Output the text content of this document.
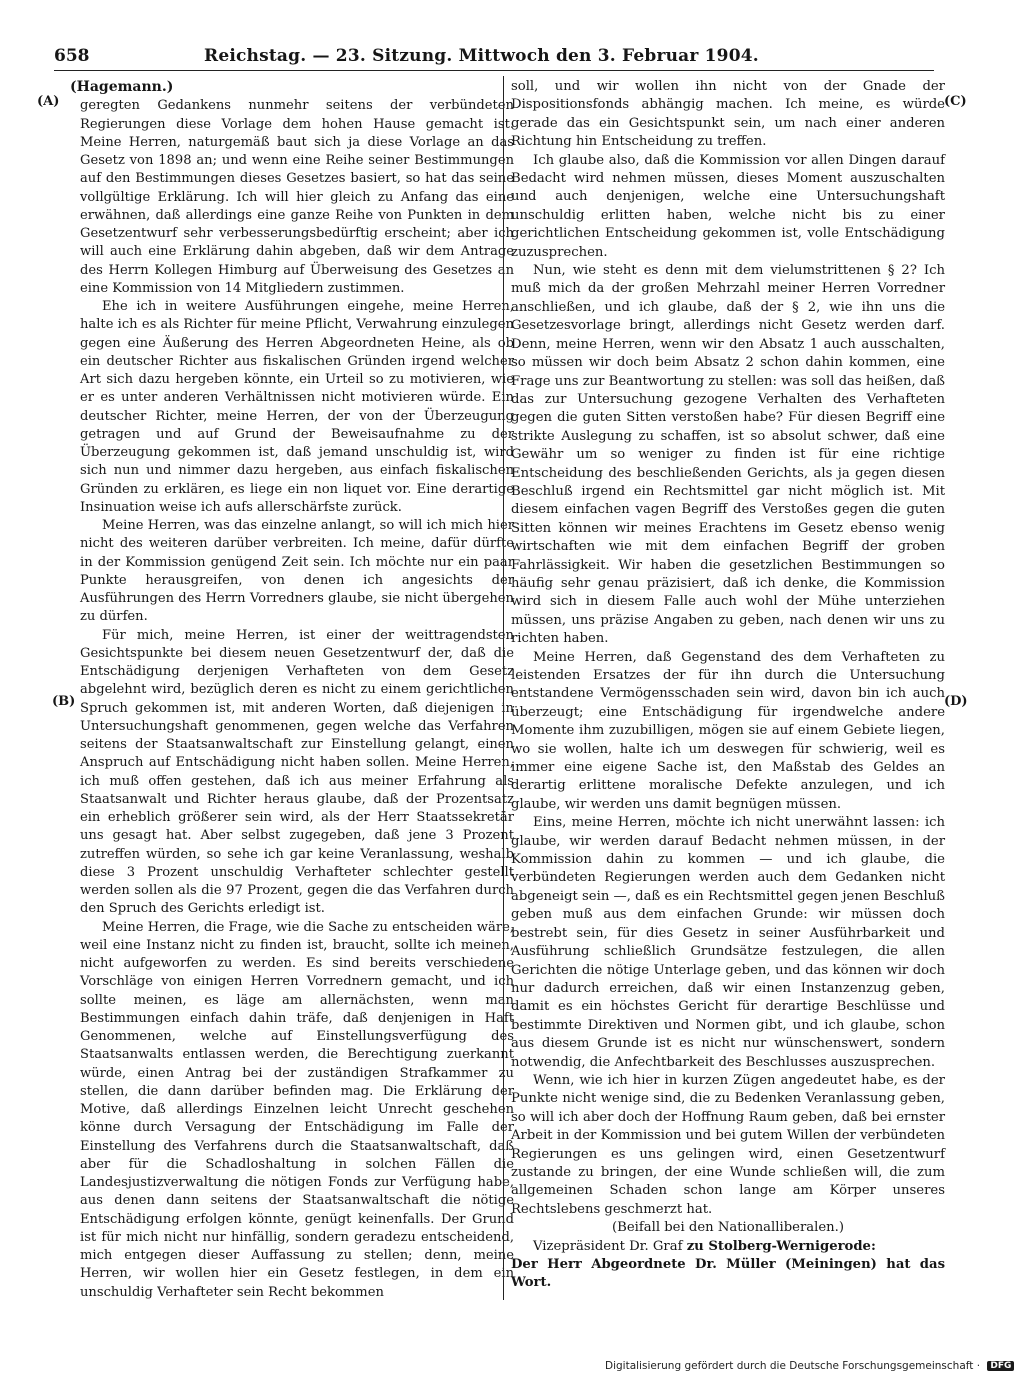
658	Reichstag. — 23. Sitzung. Mittwoch den 3. Februar 1904.
(A)
(B)
(C)
(D)
(Hagemann.)

geregten Gedankens nunmehr seitens der verbündeten Regierungen diese Vorlage dem hohen Hause gemacht ist. Meine Herren, naturgemäß baut sich ja diese Vorlage an das Gesetz von 1898 an; und wenn eine Reihe seiner Bestimmungen auf den Bestimmungen dieses Gesetzes basiert, so hat das seine vollgültige Erklärung. Ich will hier gleich zu Anfang das eine erwähnen, daß allerdings eine ganze Reihe von Punkten in dem Gesetzentwurf sehr verbesserungsbedürftig erscheint; aber ich will auch eine Erklärung dahin abgeben, daß wir dem Antrage des Herrn Kollegen Himburg auf Überweisung des Gesetzes an eine Kommission von 14 Mitgliedern zustimmen.

Ehe ich in weitere Ausführungen eingehe, meine Herren, halte ich es als Richter für meine Pflicht, Verwahrung einzulegen gegen eine Äußerung des Herren Abgeordneten Heine, als ob ein deutscher Richter aus fiskalischen Gründen irgend welcher Art sich dazu hergeben könnte, ein Urteil so zu motivieren, wie er es unter anderen Verhältnissen nicht motivieren würde. Ein deutscher Richter, meine Herren, der von der Überzeugung getragen und auf Grund der Beweisaufnahme zu der Überzeugung gekommen ist, daß jemand unschuldig ist, wird sich nun und nimmer dazu hergeben, aus einfach fiskalischen Gründen zu erklären, es liege ein non liquet vor. Eine derartige Insinuation weise ich aufs allerschärfste zurück.

Meine Herren, was das einzelne anlangt, so will ich mich hier nicht des weiteren darüber verbreiten. Ich meine, dafür dürfte in der Kommission genügend Zeit sein. Ich möchte nur ein paar Punkte herausgreifen, von denen ich angesichts der Ausführungen des Herrn Vorredners glaube, sie nicht übergehen zu dürfen.

Für mich, meine Herren, ist einer der weittragendsten Gesichtspunkte bei diesem neuen Gesetzentwurf der, daß die Entschädigung derjenigen Verhafteten von dem Gesetz abgelehnt wird, bezüglich deren es nicht zu einem gerichtlichen Spruch gekommen ist, mit anderen Worten, daß diejenigen in Untersuchungshaft genommenen, gegen welche das Verfahren seitens der Staatsanwaltschaft zur Einstellung gelangt, einen Anspruch auf Entschädigung nicht haben sollen. Meine Herren, ich muß offen gestehen, daß ich aus meiner Erfahrung als Staatsanwalt und Richter heraus glaube, daß der Prozentsatz ein erheblich größerer sein wird, als der Herr Staatssekretär uns gesagt hat. Aber selbst zugegeben, daß jene 3 Prozent zutreffen würden, so sehe ich gar keine Veranlassung, weshalb diese 3 Prozent unschuldig Verhafteter schlechter gestellt werden sollen als die 97 Prozent, gegen die das Verfahren durch den Spruch des Gerichts erledigt ist.

Meine Herren, die Frage, wie die Sache zu entscheiden wäre, weil eine Instanz nicht zu finden ist, braucht, sollte ich meinen, nicht aufgeworfen zu werden. Es sind bereits verschiedene Vorschläge von einigen Herren Vorrednern gemacht, und ich sollte meinen, es läge am allernächsten, wenn man Bestimmungen einfach dahin träfe, daß denjenigen in Haft Genommenen, welche auf Einstellungsverfügung des Staatsanwalts entlassen werden, die Berechtigung zuerkannt würde, einen Antrag bei der zuständigen Strafkammer zu stellen, die dann darüber befinden mag. Die Erklärung der Motive, daß allerdings Einzelnen leicht Unrecht geschehen könne durch Versagung der Entschädigung im Falle der Einstellung des Verfahrens durch die Staatsanwaltschaft, daß aber für die Schadloshaltung in solchen Fällen die Landesjustizverwaltung die nötigen Fonds zur Verfügung habe, aus denen dann seitens der Staatsanwaltschaft die nötige Entschädigung erfolgen könnte, genügt keinenfalls. Der Grund ist für mich nicht nur hinfällig, sondern geradezu entscheidend, mich entgegen dieser Auffassung zu stellen; denn, meine Herren, wir wollen hier ein Gesetz festlegen, in dem ein unschuldig Verhafteter sein Recht bekommen

soll, und wir wollen ihn nicht von der Gnade der Dispositionsfonds abhängig machen. Ich meine, es würde gerade das ein Gesichtspunkt sein, um nach einer anderen Richtung hin Entscheidung zu treffen.

Ich glaube also, daß die Kommission vor allen Dingen darauf Bedacht wird nehmen müssen, dieses Moment auszuschalten und auch denjenigen, welche eine Untersuchungshaft unschuldig erlitten haben, welche nicht bis zu einer gerichtlichen Entscheidung gekommen ist, volle Entschädigung zuzusprechen.

Nun, wie steht es denn mit dem vielumstrittenen § 2? Ich muß mich da der großen Mehrzahl meiner Herren Vorredner anschließen, und ich glaube, daß der § 2, wie ihn uns die Gesetzesvorlage bringt, allerdings nicht Gesetz werden darf. Denn, meine Herren, wenn wir den Absatz 1 auch ausschalten, so müssen wir doch beim Absatz 2 schon dahin kommen, eine Frage uns zur Beantwortung zu stellen: was soll das heißen, daß das zur Untersuchung gezogene Verhalten des Verhafteten gegen die guten Sitten verstoßen habe? Für diesen Begriff eine strikte Auslegung zu schaffen, ist so absolut schwer, daß eine Gewähr um so weniger zu finden ist für eine richtige Entscheidung des beschließenden Gerichts, als ja gegen diesen Beschluß irgend ein Rechtsmittel gar nicht möglich ist. Mit diesem einfachen vagen Begriff des Verstoßes gegen die guten Sitten können wir meines Erachtens im Gesetz ebenso wenig wirtschaften wie mit dem einfachen Begriff der groben Fahrlässigkeit. Wir haben die gesetzlichen Bestimmungen so häufig sehr genau präzisiert, daß ich denke, die Kommission wird sich in diesem Falle auch wohl der Mühe unterziehen müssen, uns präzise Angaben zu geben, nach denen wir uns zu richten haben.

Meine Herren, daß Gegenstand des dem Verhafteten zu leistenden Ersatzes der für ihn durch die Untersuchung entstandene Vermögensschaden sein wird, davon bin ich auch überzeugt; eine Entschädigung für irgendwelche andere Momente ihm zuzubilligen, mögen sie auf einem Gebiete liegen, wo sie wollen, halte ich um deswegen für schwierig, weil es immer eine eigene Sache ist, den Maßstab des Geldes an derartig erlittene moralische Defekte anzulegen, und ich glaube, wir werden uns damit begnügen müssen.

Eins, meine Herren, möchte ich nicht unerwähnt lassen: ich glaube, wir werden darauf Bedacht nehmen müssen, in der Kommission dahin zu kommen — und ich glaube, die verbündeten Regierungen werden auch dem Gedanken nicht abgeneigt sein —, daß es ein Rechtsmittel gegen jenen Beschluß geben muß aus dem einfachen Grunde: wir müssen doch bestrebt sein, für dies Gesetz in seiner Ausführbarkeit und Ausführung schließlich Grundsätze festzulegen, die allen Gerichten die nötige Unterlage geben, und das können wir doch nur dadurch erreichen, daß wir einen Instanzenzug geben, damit es ein höchstes Gericht für derartige Beschlüsse und bestimmte Direktiven und Normen gibt, und ich glaube, schon aus diesem Grunde ist es nicht nur wünschenswert, sondern notwendig, die Anfechtbarkeit des Beschlusses auszusprechen.

Wenn, wie ich hier in kurzen Zügen angedeutet habe, es der Punkte nicht wenige sind, die zu Bedenken Veranlassung geben, so will ich aber doch der Hoffnung Raum geben, daß bei ernster Arbeit in der Kommission und bei gutem Willen der verbündeten Regierungen es uns gelingen wird, einen Gesetzentwurf zustande zu bringen, der eine Wunde schließen will, die zum allgemeinen Schaden schon lange am Körper unseres Rechtslebens geschmerzt hat.

(Beifall bei den Nationalliberalen.)

Vizepräsident Dr. Graf zu Stolberg-Wernigerode:

Der Herr Abgeordnete Dr. Müller (Meiningen) hat das Wort.

Digitalisierung gefördert durch die Deutsche Forschungsgemeinschaft · DFG
